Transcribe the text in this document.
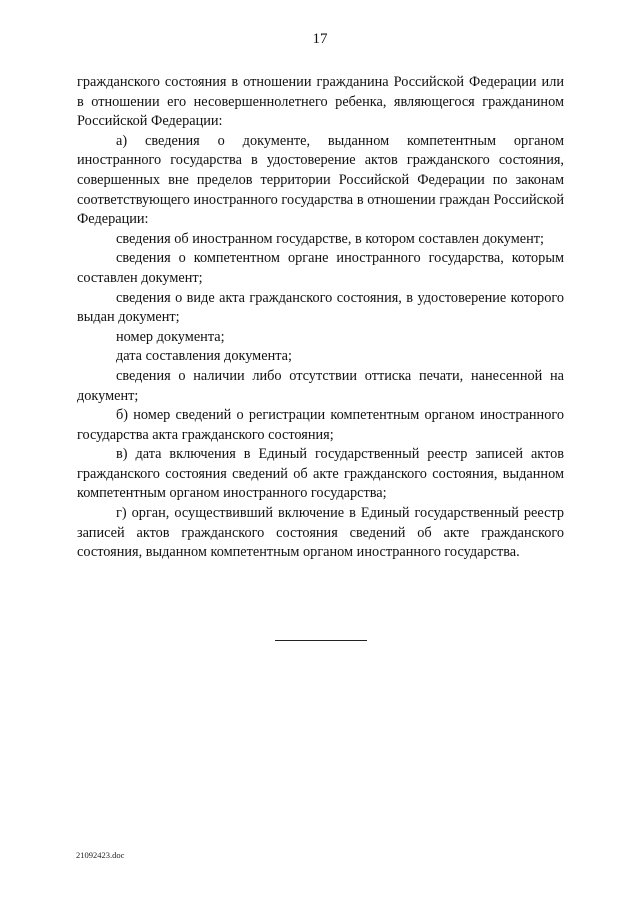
17

гражданского состояния в отношении гражданина Российской Федерации или в отношении его несовершеннолетнего ребенка, являющегося гражданином Российской Федерации:

а) сведения о документе, выданном компетентным органом иностранного государства в удостоверение актов гражданского состояния, совершенных вне пределов территории Российской Федерации по законам соответствующего иностранного государства в отношении граждан Российской Федерации:

сведения об иностранном государстве, в котором составлен документ;

сведения о компетентном органе иностранного государства, которым составлен документ;

сведения о виде акта гражданского состояния, в удостоверение которого выдан документ;

номер документа;

дата составления документа;

сведения о наличии либо отсутствии оттиска печати, нанесенной на документ;

б) номер сведений о регистрации компетентным органом иностранного государства акта гражданского состояния;

в) дата включения в Единый государственный реестр записей актов гражданского состояния сведений об акте гражданского состояния, выданном компетентным органом иностранного государства;

г) орган, осуществивший включение в Единый государственный реестр записей актов гражданского состояния сведений об акте гражданского состояния, выданном компетентным органом иностранного государства.

21092423.doc
